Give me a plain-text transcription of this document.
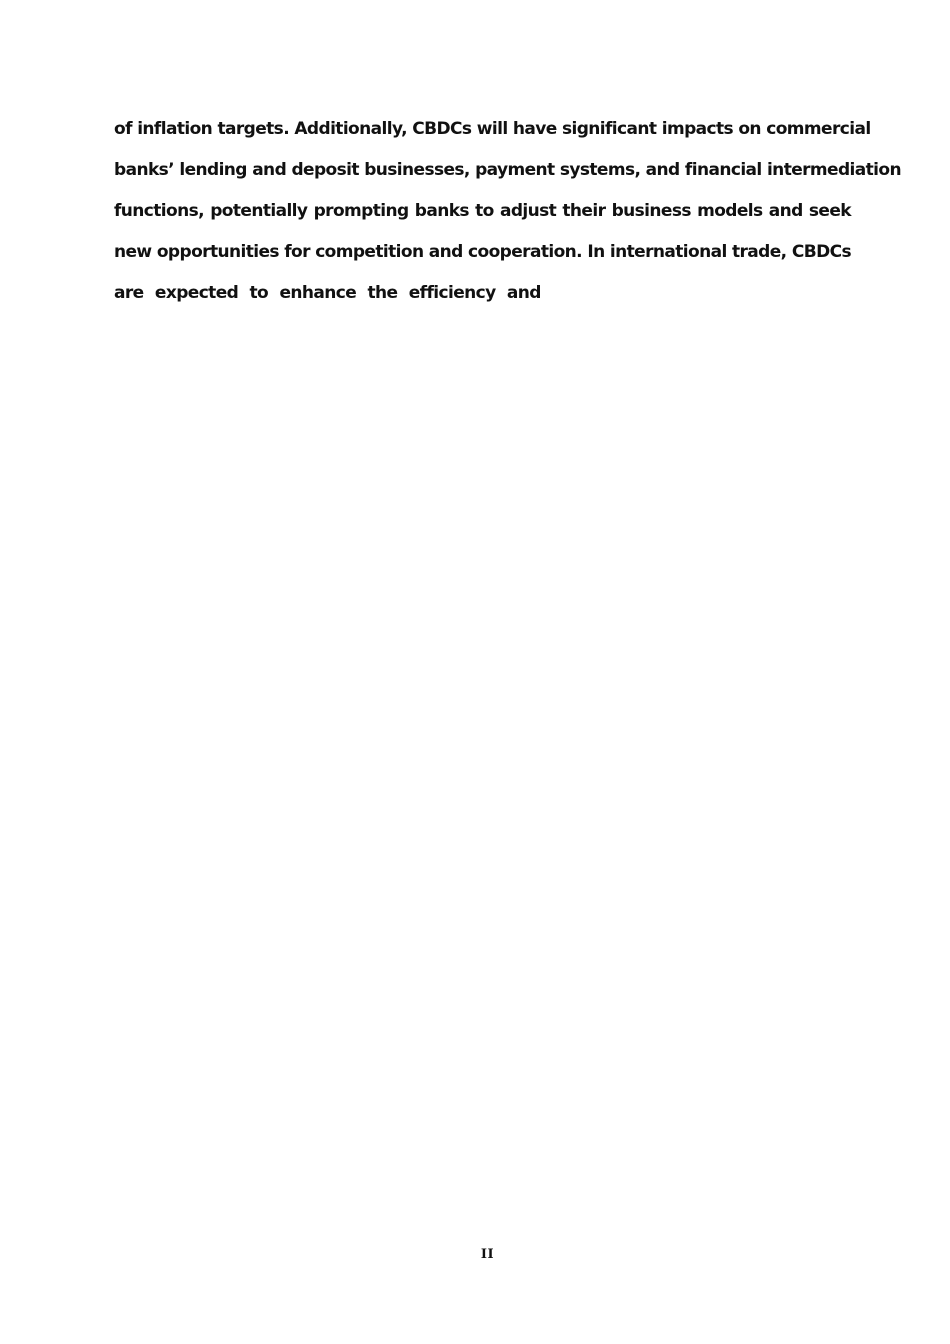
of inflation targets. Additionally, CBDCs will have significant impacts on commercial
banks’ lending and deposit businesses, payment systems, and financial intermediation
functions, potentially prompting banks to adjust their business models and seek
new opportunities for competition and cooperation. In international trade, CBDCs
are expected to enhance the efficiency and
II
